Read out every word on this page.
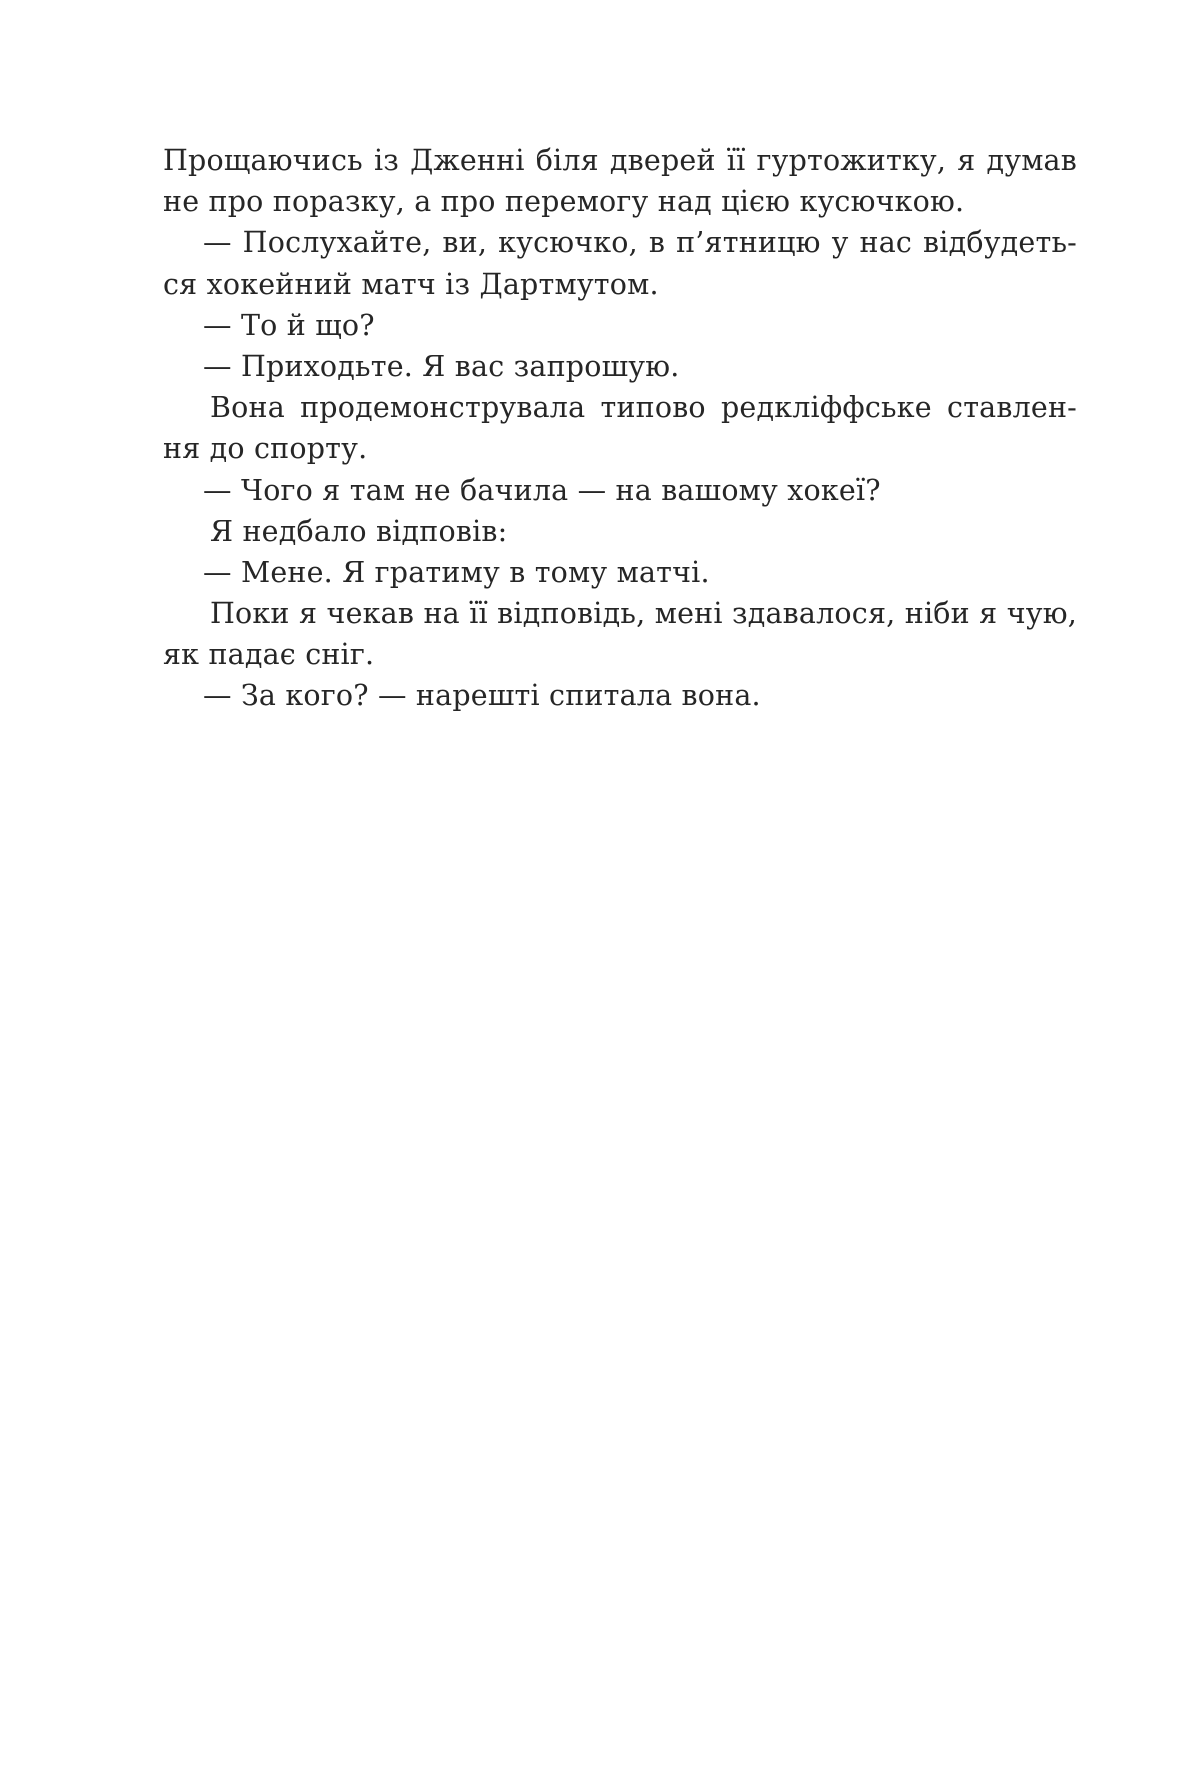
Прощаючись із Дженні біля дверей її гуртожитку, я думав
не про поразку, а про перемогу над цією кусючкою.
— Послухайте, ви, кусючко, в п’ятницю у нас відбудеть-
ся хокейний матч із Дартмутом.
— То й що?
— Приходьте. Я вас запрошую.
Вона продемонструвала типово редкліффське ставлен-
ня до спорту.
— Чого я там не бачила — на вашому хокеї?
Я недбало відповів:
— Мене. Я гратиму в тому матчі.
Поки я чекав на її відповідь, мені здавалося, ніби я чую,
як падає сніг.
— За кого? — нарешті спитала вона.
